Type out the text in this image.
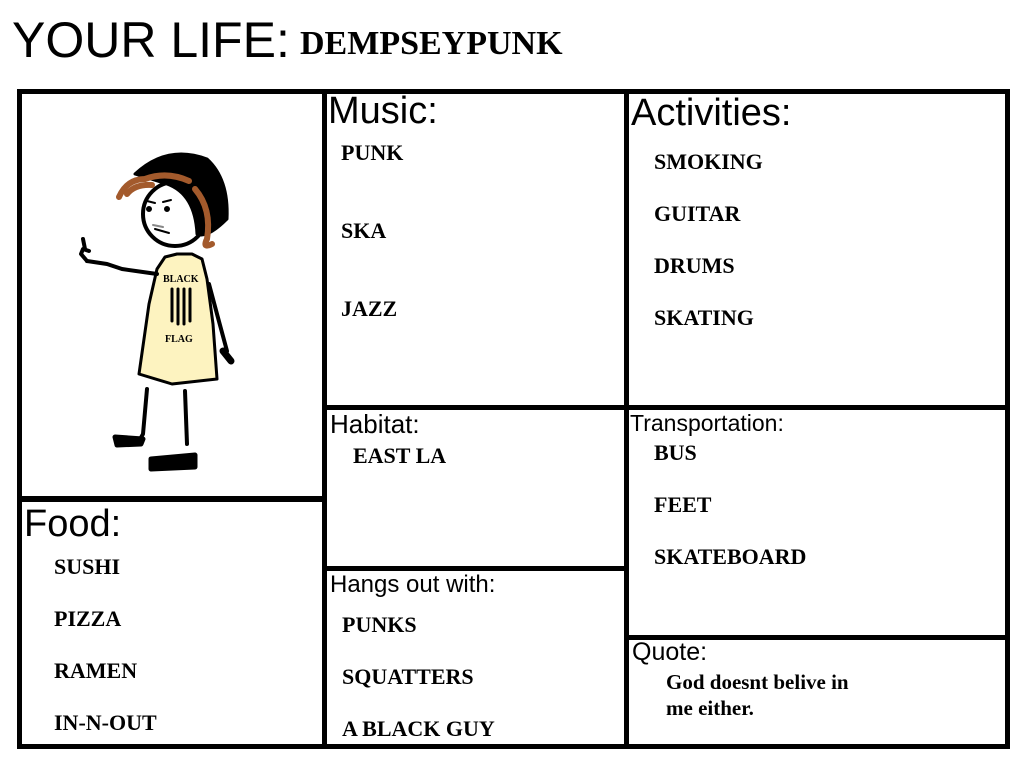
YOUR LIFE: DEMPSEYPUNK
BLACK
FLAG
Music:
PUNK
SKA
JAZZ
Activities:
SMOKING
GUITAR
DRUMS
SKATING
Habitat:
EAST LA
Transportation:
BUS
FEET
SKATEBOARD
Food:
SUSHI
PIZZA
RAMEN
IN-N-OUT
Hangs out with:
PUNKS
SQUATTERS
A BLACK GUY
Quote:
God doesnt belive in
me either.
